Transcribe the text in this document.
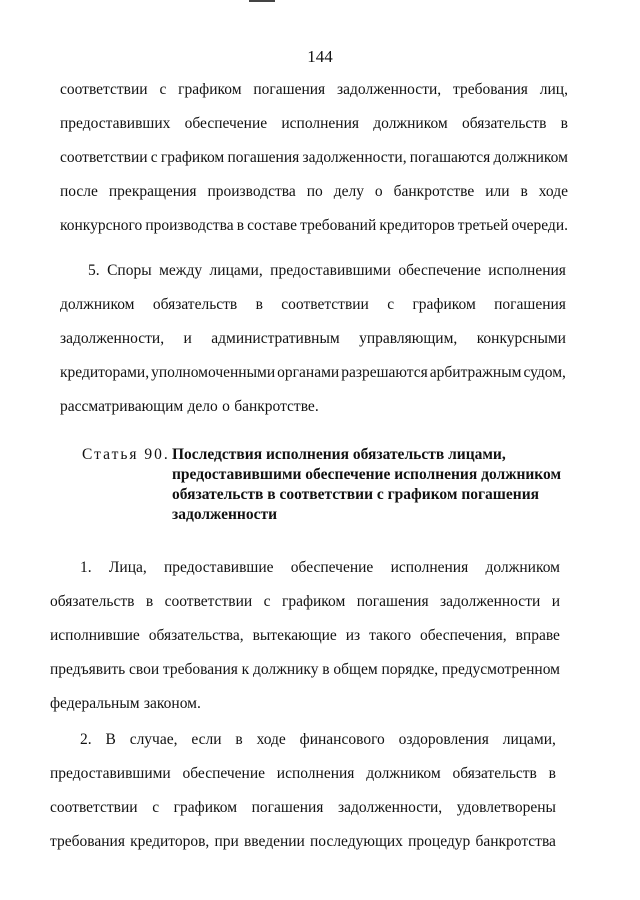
144
соответствии с графиком погашения задолженности, требования лиц,
предоставивших обеспечение исполнения должником обязательств в
соответствии с графиком погашения задолженности, погашаются должником
после прекращения производства по делу о банкротстве или в ходе
конкурсного производства в составе требований кредиторов третьей очереди.
5. Споры между лицами, предоставившими обеспечение исполнения
должником обязательств в соответствии с графиком погашения
задолженности, и административным управляющим, конкурсными
кредиторами, уполномоченными органами разрешаются арбитражным судом,
рассматривающим дело о банкротстве.
Статья 90. Последствия исполнения обязательств лицами,
предоставившими обеспечение исполнения должником
обязательств в соответствии с графиком погашения
задолженности
1. Лица, предоставившие обеспечение исполнения должником
обязательств в соответствии с графиком погашения задолженности и
исполнившие обязательства, вытекающие из такого обеспечения, вправе
предъявить свои требования к должнику в общем порядке, предусмотренном
федеральным законом.
2. В случае, если в ходе финансового оздоровления лицами,
предоставившими обеспечение исполнения должником обязательств в
соответствии с графиком погашения задолженности, удовлетворены
требования кредиторов, при введении последующих процедур банкротства
